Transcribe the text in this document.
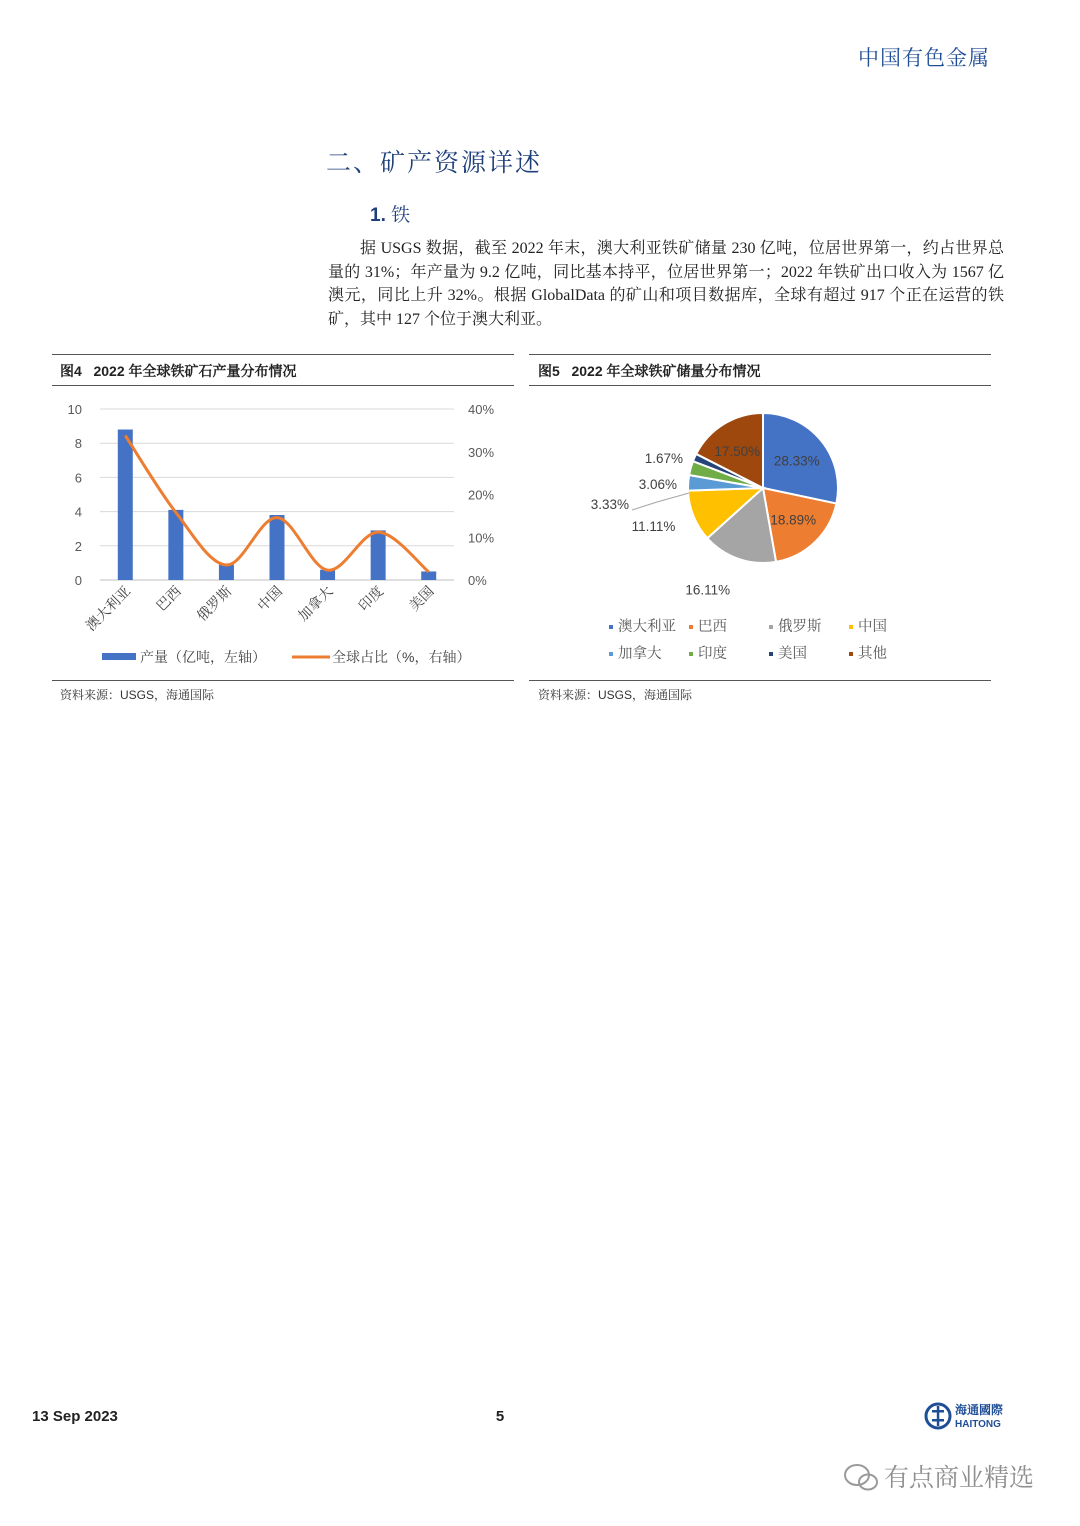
中国有色金属
二、矿产资源详述
1. 铁

据 USGS 数据，截至 2022 年末，澳大利亚铁矿储量 230 亿吨，位居世界第一，约占世界总量的 31%；年产量为 9.2 亿吨，同比基本持平，位居世界第一；2022 年铁矿出口收入为 1567 亿澳元，同比上升 32%。根据 GlobalData 的矿山和项目数据库，全球有超过 917 个正在运营的铁矿，其中 127 个位于澳大利亚。

图4 2022 年全球铁矿石产量分布情况
0
2
4
6
8
10
0%
10%
20%
30%
40%
澳大利亚 巴西 俄罗斯 中国 加拿大 印度 美国
产量（亿吨，左轴）	全球占比（%，右轴）
资料来源：USGS，海通国际
图5 2022 年全球铁矿储量分布情况
28.33%
18.89%
16.11%
11.11%
3.33%
3.06%
1.67% 17.50%
澳大利亚 巴西	俄罗斯	中国
加拿大	印度	美国	其他
资料来源：USGS，海通国际
13 Sep 2023	5	海通國際
HAITONG
有点商业精选
